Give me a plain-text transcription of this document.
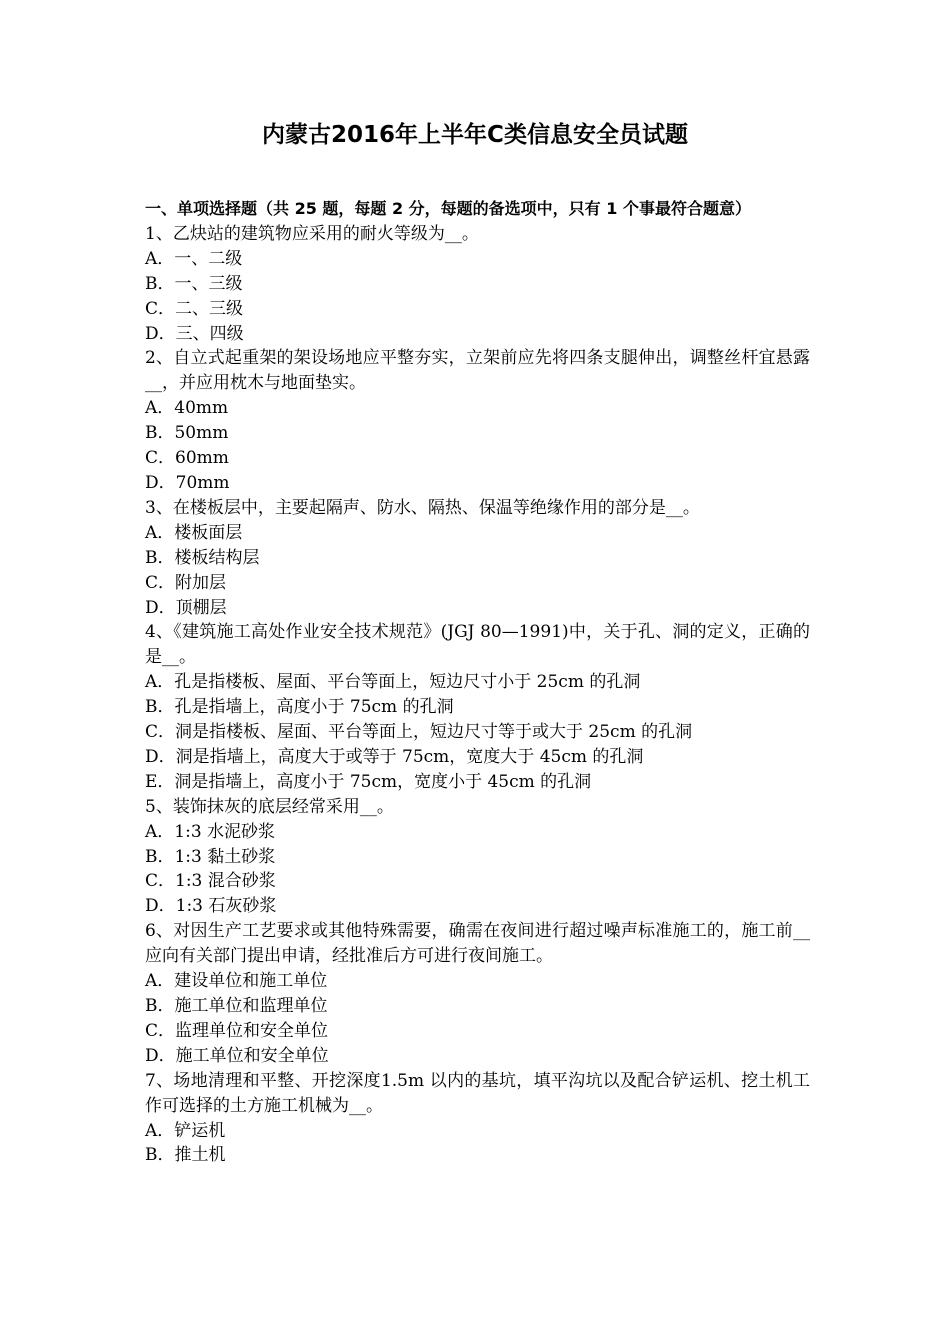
内蒙古2016年上半年C类信息安全员试题

一、单项选择题（共 25 题，每题 2 分，每题的备选项中，只有 1 个事最符合题意）

1、乙炔站的建筑物应采用的耐火等级为__。

A．一、二级
B．一、三级
C．二、三级
D．三、四级

2、自立式起重架的架设场地应平整夯实，立架前应先将四条支腿伸出，调整丝杆宜悬露__，并应用枕木与地面垫实。

A．40mm
B．50mm
C．60mm
D．70mm

3、在楼板层中，主要起隔声、防水、隔热、保温等绝缘作用的部分是__。

A．楼板面层
B．楼板结构层
C．附加层
D．顶棚层

4、《建筑施工高处作业安全技术规范》(JGJ 80—1991)中，关于孔、洞的定义，正确的是__。

A．孔是指楼板、屋面、平台等面上，短边尺寸小于 25cm 的孔洞
B．孔是指墙上，高度小于 75cm 的孔洞
C．洞是指楼板、屋面、平台等面上，短边尺寸等于或大于 25cm 的孔洞
D．洞是指墙上，高度大于或等于 75cm，宽度大于 45cm 的孔洞
E．洞是指墙上，高度小于 75cm，宽度小于 45cm 的孔洞

5、装饰抹灰的底层经常采用__。

A．1:3 水泥砂浆
B．1:3 黏土砂浆
C．1:3 混合砂浆
D．1:3 石灰砂浆

6、对因生产工艺要求或其他特殊需要，确需在夜间进行超过噪声标准施工的，施工前__应向有关部门提出申请，经批准后方可进行夜间施工。

A．建设单位和施工单位
B．施工单位和监理单位
C．监理单位和安全单位
D．施工单位和安全单位

7、场地清理和平整、开挖深度1.5m 以内的基坑，填平沟坑以及配合铲运机、挖土机工作可选择的土方施工机械为__。

A．铲运机
B．推土机
